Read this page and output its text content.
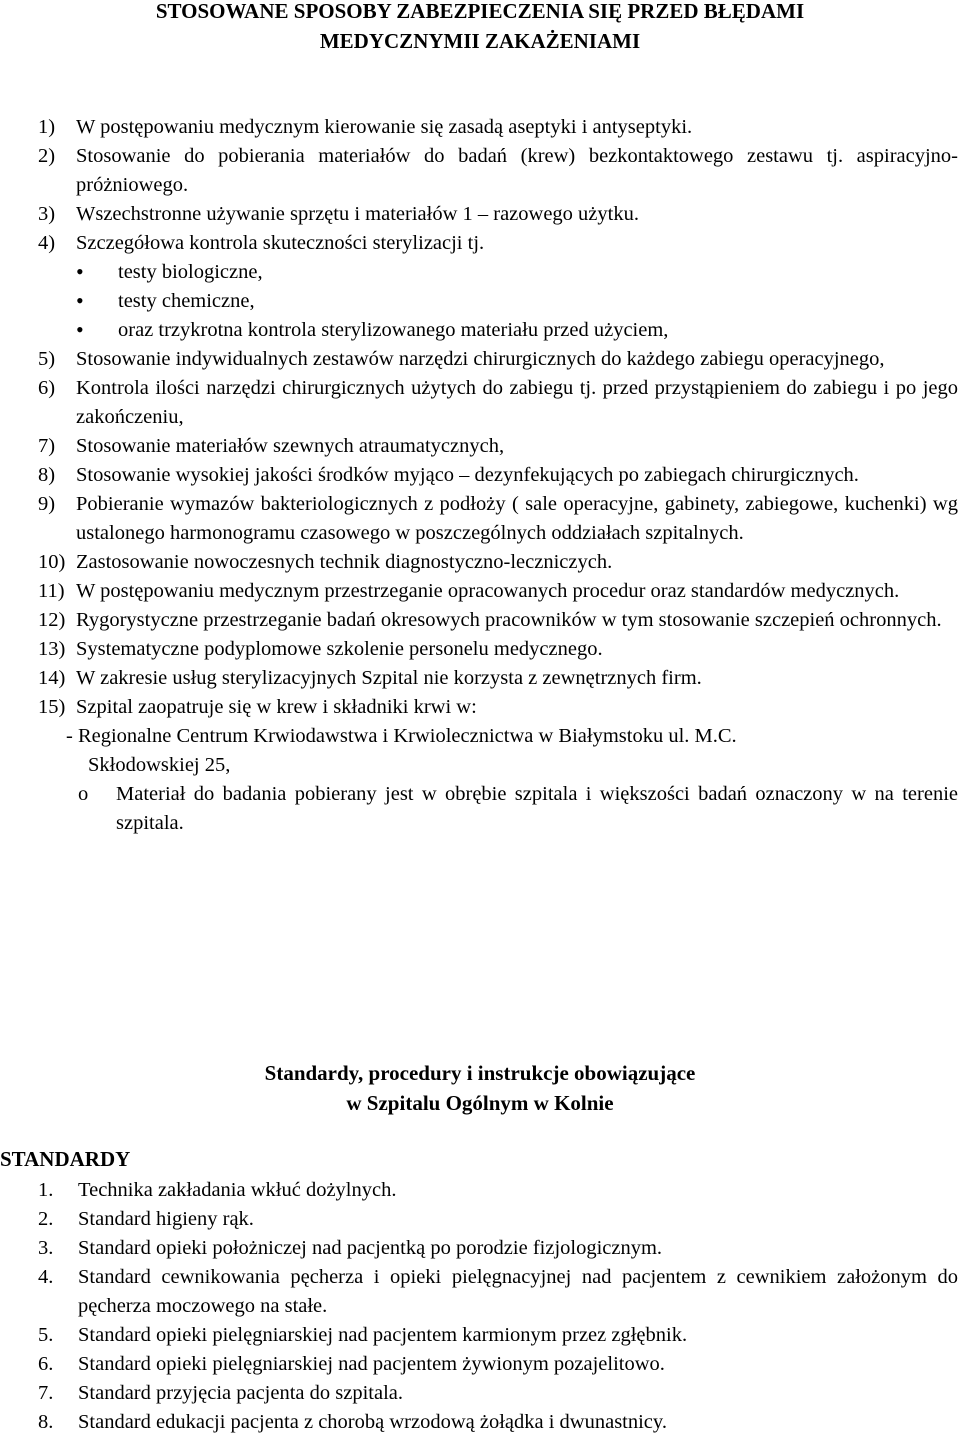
STOSOWANE SPOSOBY ZABEZPIECZENIA SIĘ PRZED BŁĘDAMI
MEDYCZNYMII ZAKAŻENIAMI
1) W postępowaniu medycznym kierowanie się zasadą aseptyki i antyseptyki.
2) Stosowanie do pobierania materiałów do badań (krew) bezkontaktowego zestawu tj. aspiracyjno-próżniowego.
3) Wszechstronne używanie sprzętu i materiałów 1 – razowego użytku.
4) Szczegółowa kontrola skuteczności sterylizacji tj.
• testy biologiczne,
• testy chemiczne,
• oraz trzykrotna kontrola sterylizowanego materiału przed użyciem,
5) Stosowanie indywidualnych zestawów narzędzi chirurgicznych do każdego zabiegu operacyjnego,
6) Kontrola ilości narzędzi chirurgicznych użytych do zabiegu tj. przed przystąpieniem do zabiegu i po jego zakończeniu,
7) Stosowanie materiałów szewnych atraumatycznych,
8) Stosowanie wysokiej jakości środków myjąco – dezynfekujących po zabiegach chirurgicznych.
9) Pobieranie wymazów bakteriologicznych z podłoży ( sale operacyjne, gabinety, zabiegowe, kuchenki) wg ustalonego harmonogramu czasowego w poszczególnych oddziałach szpitalnych.
10) Zastosowanie nowoczesnych technik diagnostyczno-leczniczych.
11) W postępowaniu medycznym przestrzeganie opracowanych procedur oraz standardów medycznych.
12) Rygorystyczne przestrzeganie badań okresowych pracowników w tym stosowanie szczepień ochronnych.
13) Systematyczne podyplomowe szkolenie personelu medycznego.
14) W zakresie usług sterylizacyjnych Szpital nie korzysta z zewnętrznych firm.
15) Szpital zaopatruje się w krew i składniki krwi w:
- Regionalne Centrum Krwiodawstwa i Krwiolecznictwa w Białymstoku ul. M.C.
Skłodowskiej 25,
o Materiał do badania pobierany jest w obrębie szpitala i większości badań oznaczony w na terenie szpitala.
Standardy, procedury i instrukcje obowiązujące
w Szpitalu Ogólnym w Kolnie
STANDARDY
1. Technika zakładania wkłuć dożylnych.
2. Standard higieny rąk.
3. Standard opieki położniczej nad pacjentką po porodzie fizjologicznym.
4. Standard cewnikowania pęcherza i opieki pielęgnacyjnej nad pacjentem z cewnikiem założonym do pęcherza moczowego na stałe.
5. Standard opieki pielęgniarskiej nad pacjentem karmionym przez zgłębnik.
6. Standard opieki pielęgniarskiej nad pacjentem żywionym pozajelitowo.
7. Standard przyjęcia pacjenta do szpitala.
8. Standard edukacji pacjenta z chorobą wrzodową żołądka i dwunastnicy.
